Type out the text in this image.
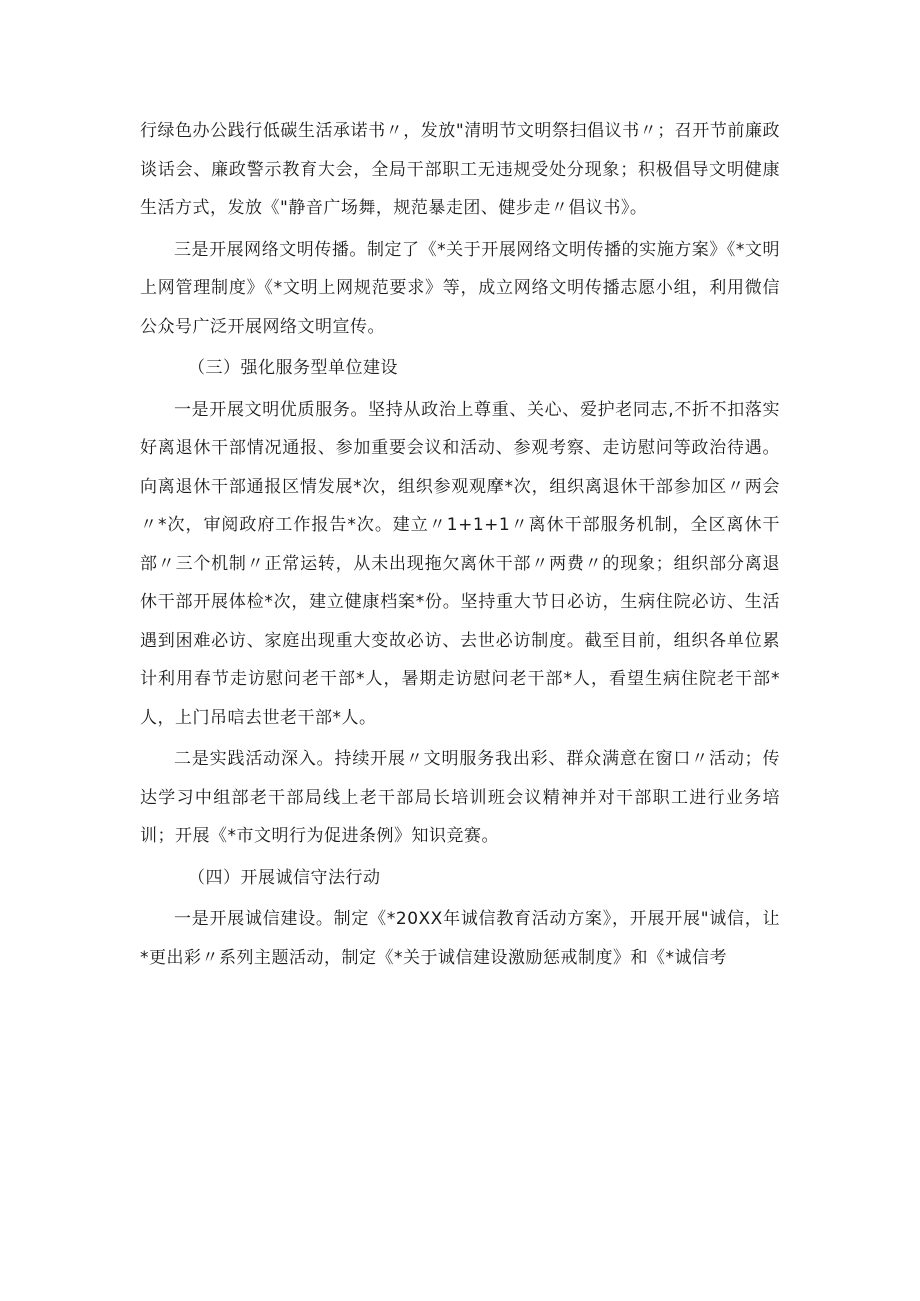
行绿色办公践行低碳生活承诺书〃，发放"清明节文明祭扫倡议书〃；召开节前廉政谈话会、廉政警示教育大会，全局干部职工无违规受处分现象；积极倡导文明健康生活方式，发放《"静音广场舞，规范暴走团、健步走〃倡议书》。

三是开展网络文明传播。制定了《*关于开展网络文明传播的实施方案》《*文明上网管理制度》《*文明上网规范要求》等，成立网络文明传播志愿小组，利用微信公众号广泛开展网络文明宣传。

（三）强化服务型单位建设

一是开展文明优质服务。坚持从政治上尊重、关心、爱护老同志,不折不扣落实好离退休干部情况通报、参加重要会议和活动、参观考察、走访慰问等政治待遇。向离退休干部通报区情发展*次，组织参观观摩*次，组织离退休干部参加区〃两会〃*次，审阅政府工作报告*次。建立〃1+1+1〃离休干部服务机制，全区离休干部〃三个机制〃正常运转，从未出现拖欠离休干部〃两费〃的现象；组织部分离退休干部开展体检*次，建立健康档案*份。坚持重大节日必访，生病住院必访、生活遇到困难必访、家庭出现重大变故必访、去世必访制度。截至目前，组织各单位累计利用春节走访慰问老干部*人，暑期走访慰问老干部*人，看望生病住院老干部*人，上门吊唁去世老干部*人。

二是实践活动深入。持续开展〃文明服务我出彩、群众满意在窗口〃活动；传达学习中组部老干部局线上老干部局长培训班会议精神并对干部职工进行业务培训；开展《*市文明行为促进条例》知识竞赛。

（四）开展诚信守法行动

一是开展诚信建设。制定《*20XX年诚信教育活动方案》，开展开展"诚信，让*更出彩〃系列主题活动，制定《*关于诚信建设激励惩戒制度》和《*诚信考
